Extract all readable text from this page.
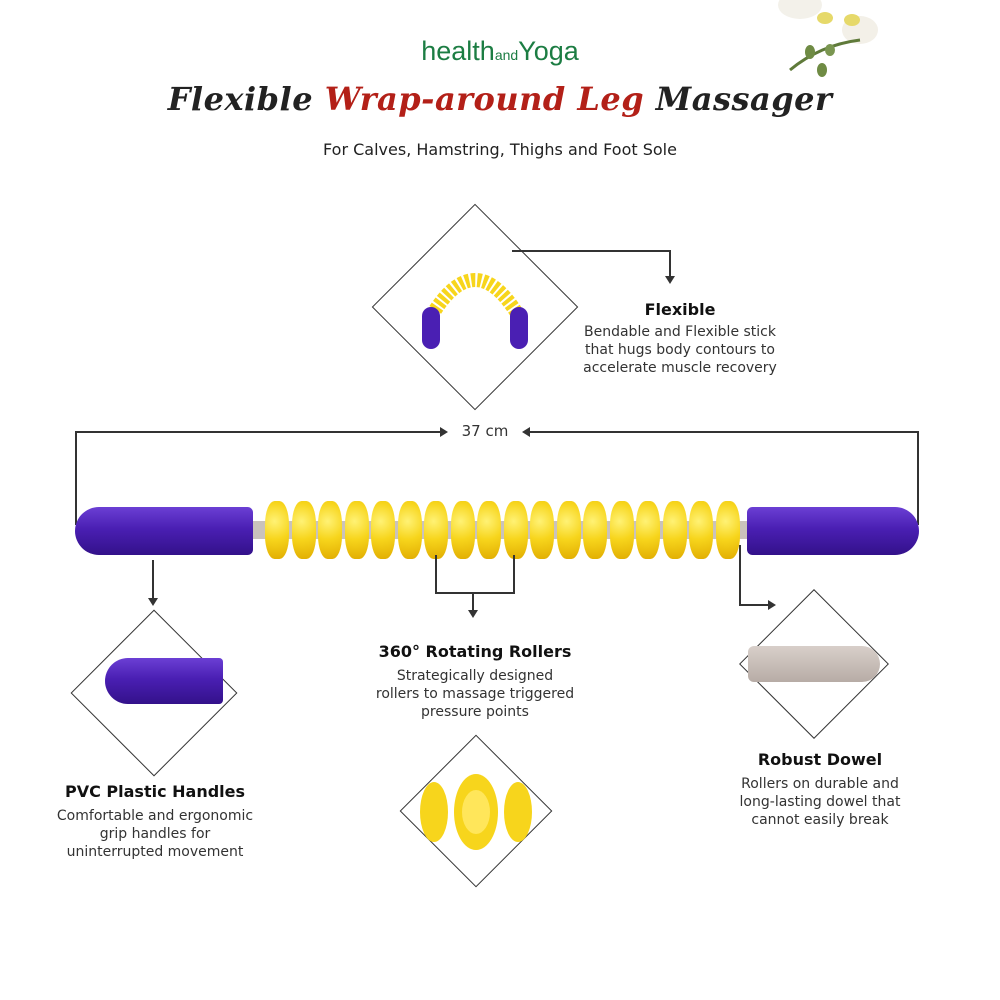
healthandYoga
Flexible Wrap-around Leg Massager
For Calves, Hamstring, Thighs and Foot Sole
Flexible
Bendable and Flexible stick
that hugs body contours to
accelerate muscle recovery
37 cm
PVC Plastic Handles
Comfortable and ergonomic
grip handles for
uninterrupted movement
360° Rotating Rollers
Strategically designed
rollers to massage triggered
pressure points
Robust Dowel
Rollers on durable and
long-lasting dowel that
cannot easily break
